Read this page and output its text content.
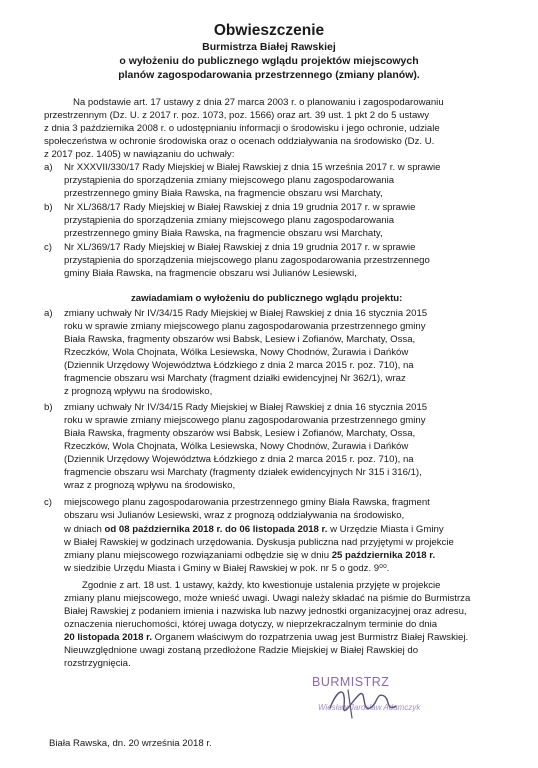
Obwieszczenie
Burmistrza Białej Rawskiej
o wyłożeniu do publicznego wglądu projektów miejscowych
planów zagospodarowania przestrzennego (zmiany planów).
Na podstawie art. 17 ustawy z dnia 27 marca 2003 r. o planowaniu i zagospodarowaniu
przestrzennym (Dz. U. z 2017 r. poz. 1073, poz. 1566) oraz art. 39 ust. 1 pkt 2 do 5 ustawy
z dnia 3 października 2008 r. o udostępnianiu informacji o środowisku i jego ochronie, udziale
społeczeństwa w ochronie środowiska oraz o ocenach oddziaływania na środowisko (Dz. U.
z 2017 poz. 1405) w nawiązaniu do uchwały:
a) Nr XXXVII/330/17 Rady Miejskiej w Białej Rawskiej z dnia 15 września 2017 r. w sprawie
przystąpienia do sporządzenia zmiany miejscowego planu zagospodarowania
przestrzennego gminy Biała Rawska, na fragmencie obszaru wsi Marchaty,
b) Nr XL/368/17 Rady Miejskiej w Białej Rawskiej z dnia 19 grudnia 2017 r. w sprawie
przystąpienia do sporządzenia zmiany miejscowego planu zagospodarowania
przestrzennego gminy Biała Rawska, na fragmencie obszaru wsi Marchaty,
c) Nr XL/369/17 Rady Miejskiej w Białej Rawskiej z dnia 19 grudnia 2017 r. w sprawie
przystąpienia do sporządzenia miejscowego planu zagospodarowania przestrzennego
gminy Biała Rawska, na fragmencie obszaru wsi Julianów Lesiewski,
zawiadamiam o wyłożeniu do publicznego wglądu projektu:
a) zmiany uchwały Nr IV/34/15 Rady Miejskiej w Białej Rawskiej z dnia 16 stycznia 2015
roku w sprawie zmiany miejscowego planu zagospodarowania przestrzennego gminy
Biała Rawska, fragmenty obszarów wsi Babsk, Lesiew i Zofianów, Marchaty, Ossa,
Rzeczków, Wola Chojnata, Wólka Lesiewska, Nowy Chodnów, Żurawia i Dańków
(Dziennik Urzędowy Województwa Łódzkiego z dnia 2 marca 2015 r. poz. 710), na
fragmencie obszaru wsi Marchaty (fragment działki ewidencyjnej Nr 362/1), wraz
z prognozą wpływu na środowisko,
b) zmiany uchwały Nr IV/34/15 Rady Miejskiej w Białej Rawskiej z dnia 16 stycznia 2015
roku w sprawie zmiany miejscowego planu zagospodarowania przestrzennego gminy
Biała Rawska, fragmenty obszarów wsi Babsk, Lesiew i Zofianów, Marchaty, Ossa,
Rzeczków, Wola Chojnata, Wólka Lesiewska, Nowy Chodnów, Żurawia i Dańków
(Dziennik Urzędowy Województwa Łódzkiego z dnia 2 marca 2015 r. poz. 710), na
fragmencie obszaru wsi Marchaty (fragmenty działek ewidencyjnych Nr 315 i 316/1),
wraz z prognozą wpływu na środowisko,
c) miejscowego planu zagospodarowania przestrzennego gminy Biała Rawska, fragment
obszaru wsi Julianów Lesiewski, wraz z prognozą oddziaływania na środowisko,
w dniach od 08 października 2018 r. do 06 listopada 2018 r. w Urzędzie Miasta i Gminy
w Białej Rawskiej w godzinach urzędowania. Dyskusja publiczna nad przyjętymi w projekcie
zmiany planu miejscowego rozwiązaniami odbędzie się w dniu 25 października 2018 r.
w siedzibie Urzędu Miasta i Gminy w Białej Rawskiej w pok. nr 5 o godz. 9⁰⁰.
Zgodnie z art. 18 ust. 1 ustawy, każdy, kto kwestionuje ustalenia przyjęte w projekcie
zmiany planu miejscowego, może wnieść uwagi. Uwagi należy składać na piśmie do Burmistrza
Białej Rawskiej z podaniem imienia i nazwiska lub nazwy jednostki organizacyjnej oraz adresu,
oznaczenia nieruchomości, której uwaga dotyczy, w nieprzekraczalnym terminie do dnia
20 listopada 2018 r. Organem właściwym do rozpatrzenia uwag jest Burmistrz Białej Rawskiej.
Nieuwzględnione uwagi zostaną przedłożone Radzie Miejskiej w Białej Rawskiej do
rozstrzygnięcia.
BURMISTRZ
Wiesław Jarosław Adamczyk
Biała Rawska, dn. 20 września 2018 r.
